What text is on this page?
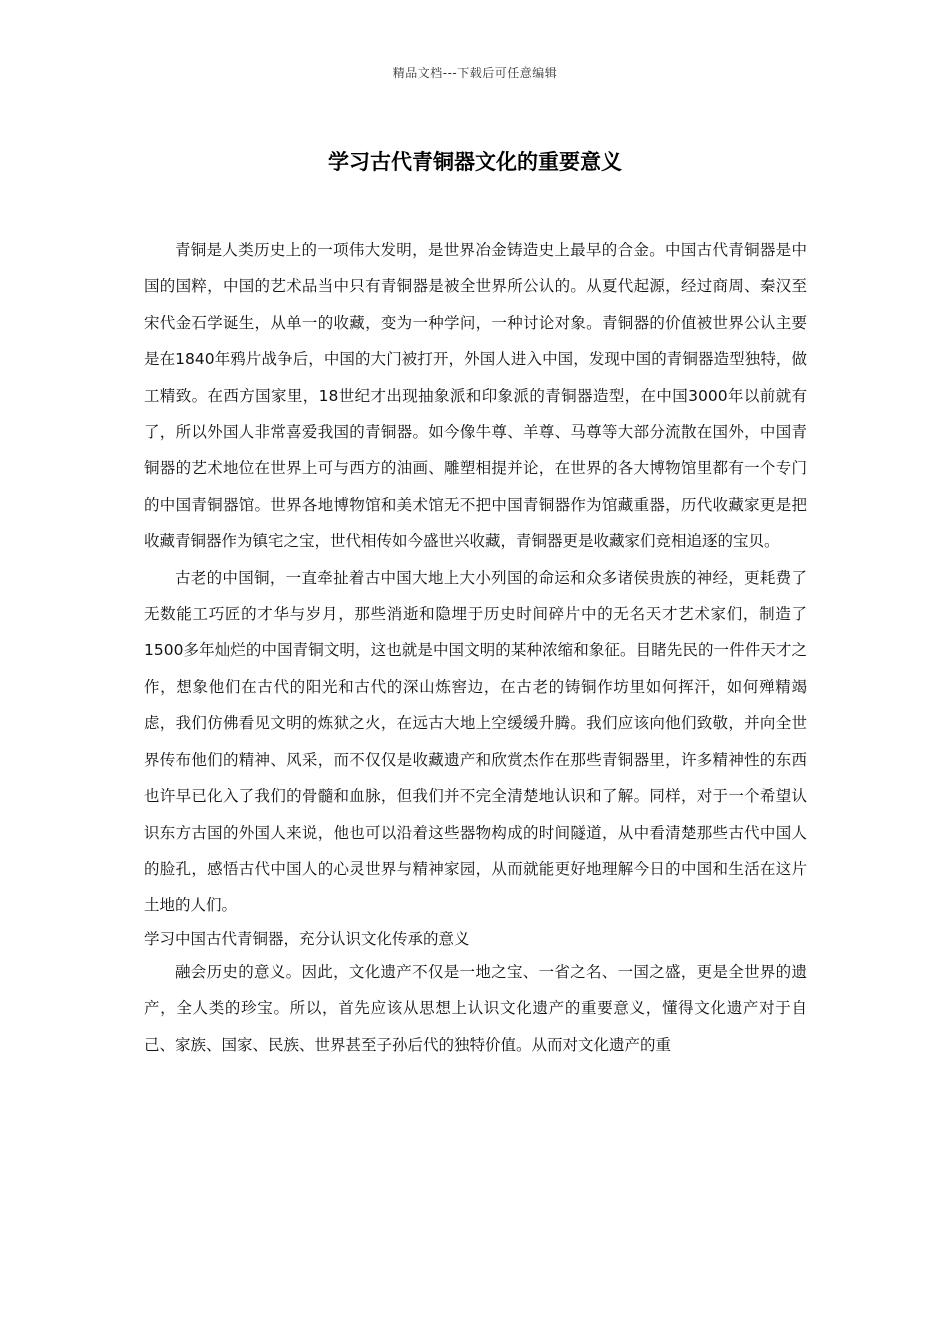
精品文档---下载后可任意编辑
学习古代青铜器文化的重要意义

青铜是人类历史上的一项伟大发明，是世界冶金铸造史上最早的合金。中国古代青铜器是中国的国粹，中国的艺术品当中只有青铜器是被全世界所公认的。从夏代起源，经过商周、秦汉至宋代金石学诞生，从单一的收藏，变为一种学问，一种讨论对象。青铜器的价值被世界公认主要是在1840年鸦片战争后，中国的大门被打开，外国人进入中国，发现中国的青铜器造型独特，做工精致。在西方国家里，18世纪才出现抽象派和印象派的青铜器造型，在中国3000年以前就有了，所以外国人非常喜爱我国的青铜器。如今像牛尊、羊尊、马尊等大部分流散在国外，中国青铜器的艺术地位在世界上可与西方的油画、雕塑相提并论，在世界的各大博物馆里都有一个专门的中国青铜器馆。世界各地博物馆和美术馆无不把中国青铜器作为馆藏重器，历代收藏家更是把收藏青铜器作为镇宅之宝，世代相传如今盛世兴收藏，青铜器更是收藏家们竞相追逐的宝贝。

古老的中国铜，一直牵扯着古中国大地上大小列国的命运和众多诸侯贵族的神经，更耗费了无数能工巧匠的才华与岁月，那些消逝和隐埋于历史时间碎片中的无名天才艺术家们，制造了1500多年灿烂的中国青铜文明，这也就是中国文明的某种浓缩和象征。目睹先民的一件件天才之作，想象他们在古代的阳光和古代的深山炼窖边，在古老的铸铜作坊里如何挥汗，如何殚精竭虑，我们仿佛看见文明的炼狱之火，在远古大地上空缓缓升腾。我们应该向他们致敬，并向全世界传布他们的精神、风采，而不仅仅是收藏遗产和欣赏杰作在那些青铜器里，许多精神性的东西也许早已化入了我们的骨髓和血脉，但我们并不完全清楚地认识和了解。同样，对于一个希望认识东方古国的外国人来说，他也可以沿着这些器物构成的时间隧道，从中看清楚那些古代中国人的脸孔，感悟古代中国人的心灵世界与精神家园，从而就能更好地理解今日的中国和生活在这片土地的人们。

学习中国古代青铜器，充分认识文化传承的意义

融会历史的意义。因此，文化遗产不仅是一地之宝、一省之名、一国之盛，更是全世界的遗产，全人类的珍宝。所以，首先应该从思想上认识文化遗产的重要意义，懂得文化遗产对于自己、家族、国家、民族、世界甚至子孙后代的独特价值。从而对文化遗产的重
